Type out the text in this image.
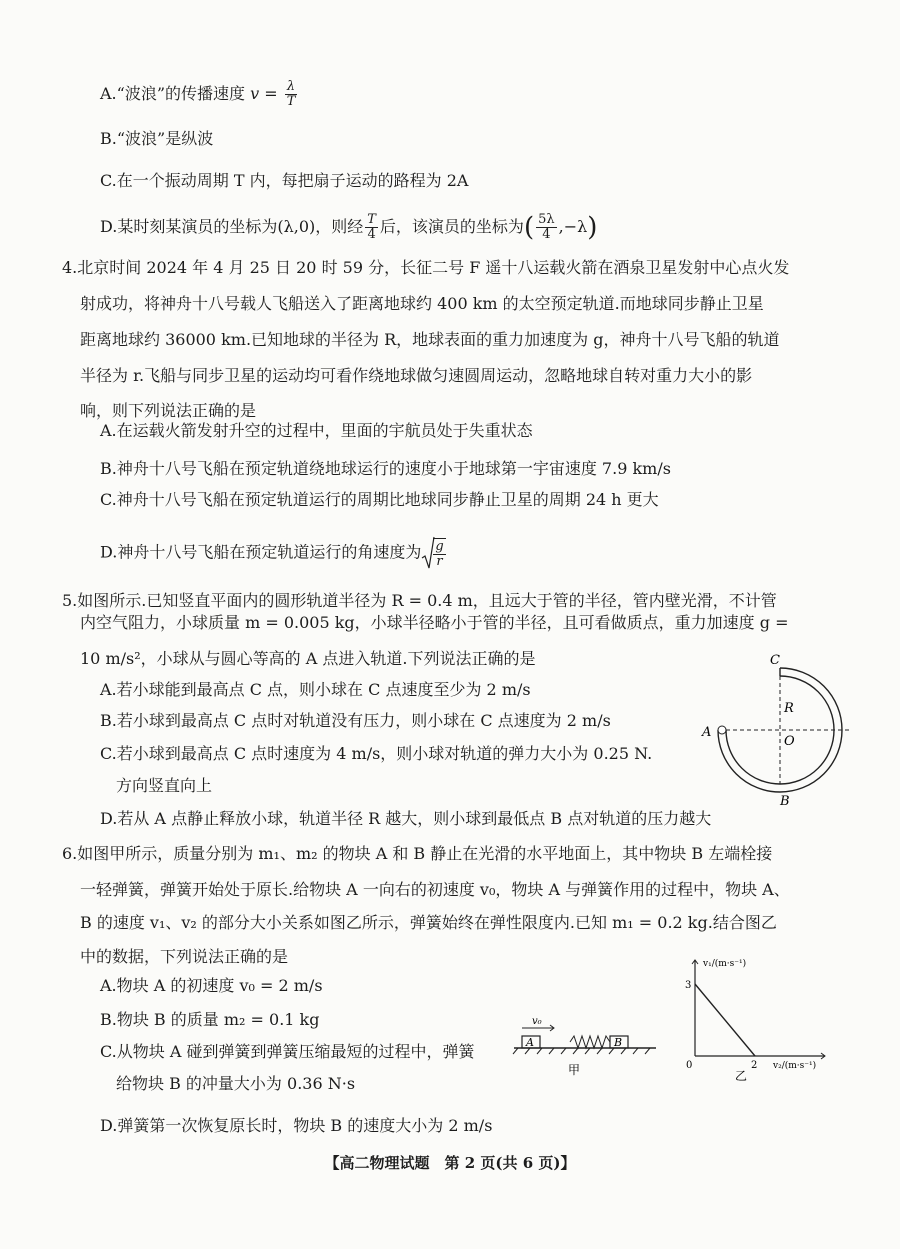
A.“波浪”的传播速度 $v = \frac{\lambda}{T}$
B.“波浪”是纵波
C.在一个振动周期 T 内，每把扇子运动的路程为 2A
D.某时刻某演员的坐标为(λ,0)，则经 $\frac{T}{4}$ 后，该演员的坐标为( $\frac{5\lambda}{4} ,-\lambda$)
4.北京时间 2024 年 4 月 25 日 20 时 59 分，长征二号 F 遥十八运载火箭在酒泉卫星发射中心点火发
射成功，将神舟十八号载人飞船送入了距离地球约 400 km 的太空预定轨道.而地球同步静止卫星
距离地球约 36000 km.已知地球的半径为 R，地球表面的重力加速度为 g，神舟十八号飞船的轨道
半径为 r.飞船与同步卫星的运动均可看作绕地球做匀速圆周运动，忽略地球自转对重力大小的影
响，则下列说法正确的是
A.在运载火箭发射升空的过程中，里面的宇航员处于失重状态
B.神舟十八号飞船在预定轨道绕地球运行的速度小于地球第一宇宙速度 7.9 km/s
C.神舟十八号飞船在预定轨道运行的周期比地球同步静止卫星的周期 24 h 更大
D.神舟十八号飞船在预定轨道运行的角速度为 $\frac{g}{r}$
5.如图所示.已知竖直平面内的圆形轨道半径为 R = 0.4 m，且远大于管的半径，管内壁光滑，不计管
内空气阻力，小球质量 m = 0.005 kg，小球半径略小于管的半径，且可看做质点，重力加速度 g =
10 m/s²，小球从与圆心等高的 A 点进入轨道.下列说法正确的是
A.若小球能到最高点 C 点，则小球在 C 点速度至少为 2 m/s
B.若小球到最高点 C 点时对轨道没有压力，则小球在 C 点速度为 2 m/s
C.若小球到最高点 C 点时速度为 4 m/s，则小球对轨道的弹力大小为 0.25 N.
方向竖直向上
D.若从 A 点静止释放小球，轨道半径 R 越大，则小球到最低点 B 点对轨道的压力越大
C
R
A
O
B
6.如图甲所示，质量分别为 m₁、m₂ 的物块 A 和 B 静止在光滑的水平地面上，其中物块 B 左端栓接
一轻弹簧，弹簧开始处于原长.给物块 A 一向右的初速度 v₀，物块 A 与弹簧作用的过程中，物块 A、
B 的速度 v₁、v₂ 的部分大小关系如图乙所示，弹簧始终在弹性限度内.已知 m₁ = 0.2 kg.结合图乙
中的数据，下列说法正确的是
A.物块 A 的初速度 v₀ = 2 m/s
B.物块 B 的质量 m₂ = 0.1 kg
C.从物块 A 碰到弹簧到弹簧压缩最短的过程中，弹簧
给物块 B 的冲量大小为 0.36 N·s
D.弹簧第一次恢复原长时，物块 B 的速度大小为 2 m/s
A	B
v₀
甲
v₁/(m·s⁻¹)
3
0	2 v₂/(m·s⁻¹)
乙
【高二物理试题　第 2 页(共 6 页)】
